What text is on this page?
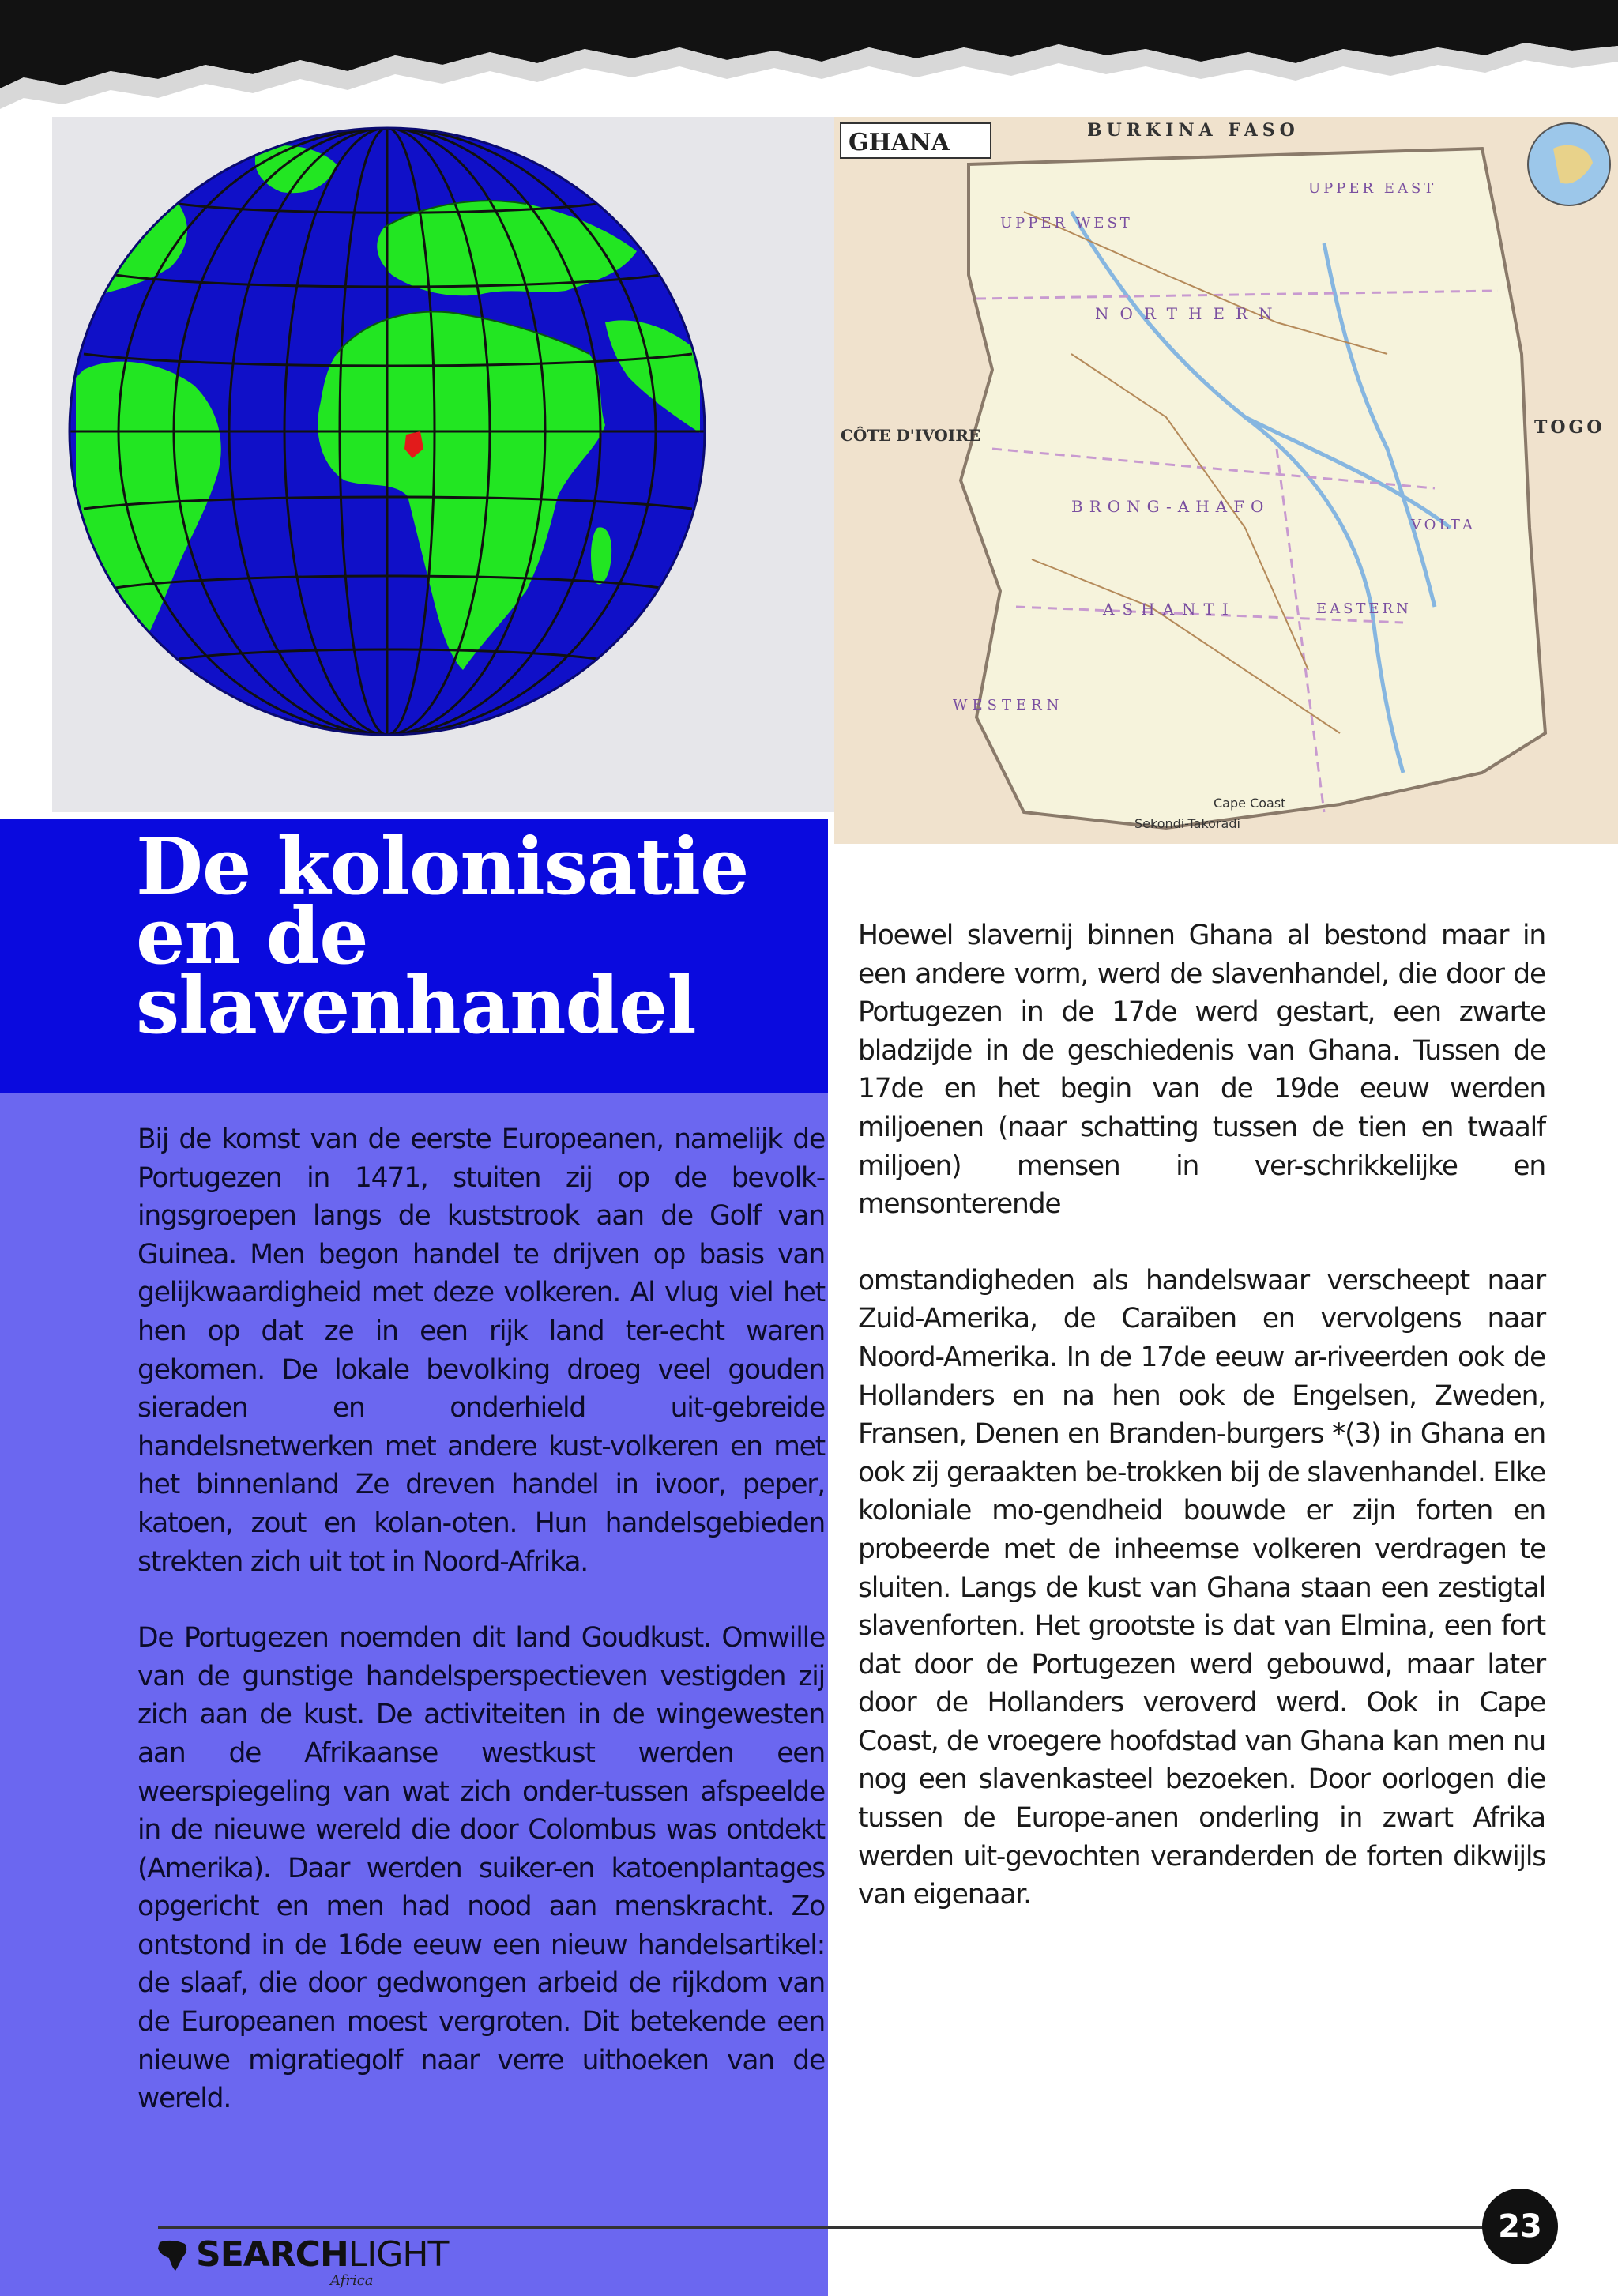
GHANA	BURKINA FASO
CÔTE D'IVOIRE	TOGO
UPPER EAST
UPPER WEST
NORTHERN
BRONG-AHAFO
VOLTA
ASHANTI	EASTERN
WESTERN
Cape Coast
Sekondi-Takoradi
De kolonisatie
en de
slavenhandel

Bij de komst van de eerste Europeanen, namelijk de Portugezen in 1471, stuiten zij op de bevolk-ingsgroepen langs de kuststrook aan de Golf van Guinea. Men begon handel te drijven op basis van gelijkwaardigheid met deze volkeren. Al vlug viel het hen op dat ze in een rijk land ter-echt waren gekomen. De lokale bevolking droeg veel gouden sieraden en onderhield uit-gebreide handelsnetwerken met andere kust-volkeren en met het binnenland Ze dreven handel in ivoor, peper, katoen, zout en kolan-oten. Hun handelsgebieden strekten zich uit tot in Noord-Afrika.

De Portugezen noemden dit land Goudkust. Omwille van de gunstige handelsperspectieven vestigden zij zich aan de kust. De activiteiten in de wingewesten aan de Afrikaanse westkust werden een weerspiegeling van wat zich onder-tussen afspeelde in de nieuwe wereld die door Colombus was ontdekt (Amerika). Daar werden suiker-en katoenplantages opgericht en men had nood aan menskracht. Zo ontstond in de 16de eeuw een nieuw handelsartikel: de slaaf, die door gedwongen arbeid de rijkdom van de Europeanen moest vergroten. Dit betekende een nieuwe migratiegolf naar verre uithoeken van de wereld.

Hoewel slavernij binnen Ghana al bestond maar in een andere vorm, werd de slavenhandel, die door de Portugezen in de 17de werd gestart, een zwarte bladzijde in de geschiedenis van Ghana. Tussen de 17de en het begin van de 19de eeuw werden miljoenen (naar schatting tussen de tien en twaalf miljoen) mensen in ver-schrikkelijke en mensonterende

omstandigheden als handelswaar verscheept naar Zuid-Amerika, de Caraïben en vervolgens naar Noord-Amerika. In de 17de eeuw ar-riveerden ook de Hollanders en na hen ook de Engelsen, Zweden, Fransen, Denen en Branden-burgers *(3) in Ghana en ook zij geraakten be-trokken bij de slavenhandel. Elke koloniale mo-gendheid bouwde er zijn forten en probeerde met de inheemse volkeren verdragen te sluiten. Langs de kust van Ghana staan een zestigtal slavenforten. Het grootste is dat van Elmina, een fort dat door de Portugezen werd gebouwd, maar later door de Hollanders veroverd werd. Ook in Cape Coast, de vroegere hoofdstad van Ghana kan men nu nog een slavenkasteel bezoeken. Door oorlogen die tussen de Europe-anen onderling in zwart Afrika werden uit-gevochten veranderden de forten dikwijls van eigenaar.

SEARCH LIGHT
Africa
23
